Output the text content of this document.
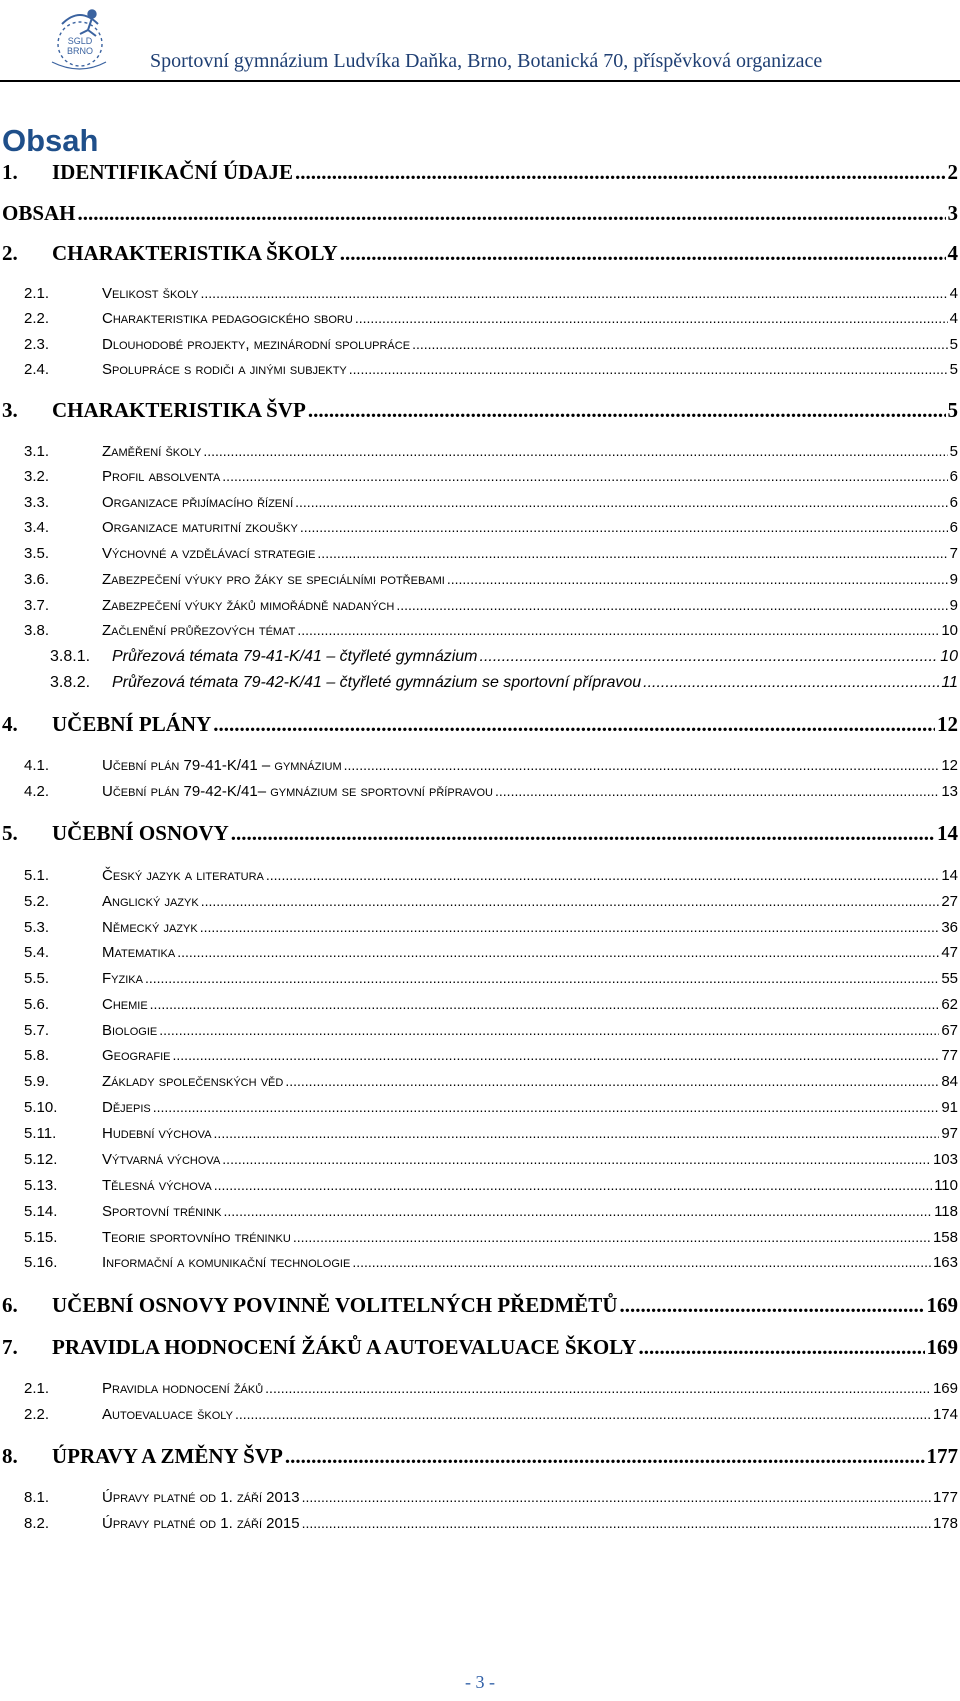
SGLD
BRNO	Sportovní gymnázium Ludvíka Daňka, Brno, Botanická 70, příspěvková organizace
Obsah
1.	IDENTIFIKAČNÍ ÚDAJE .....	2
OBSAH .....	3
2.	CHARAKTERISTIKA ŠKOLY .....	4
2.1.	Velikost školy .....	4
2.2.	Charakteristika pedagogického sboru .....	4
2.3.	Dlouhodobé projekty, mezinárodní spolupráce .....	5
2.4.	Spolupráce s rodiči a jinými subjekty .....	5
3.	CHARAKTERISTIKA ŠVP .....	5
3.1.	Zaměření školy .....	5
3.2.	Profil absolventa .....	6
3.3.	Organizace přijímacího řízení .....	6
3.4.	Organizace maturitní zkoušky .....	6
3.5.	Výchovné a vzdělávací strategie .....	7
3.6.	Zabezpečení výuky pro žáky se speciálními potřebami .....	9
3.7.	Zabezpečení výuky žáků mimořádně nadaných .....	9
3.8.	Začlenění průřezových témat .....	10
3.8.1.	Průřezová témata 79-41-K/41 – čtyřleté gymnázium .....	10
3.8.2.	Průřezová témata 79-42-K/41 – čtyřleté gymnázium se sportovní přípravou .....	11
4.	UČEBNÍ PLÁNY .....	12
4.1.	Učební plán 79-41-K/41 – gymnázium .....	12
4.2.	Učební plán 79-42-K/41– gymnázium se sportovní přípravou .....	13
5.	UČEBNÍ OSNOVY .....	14
5.1.	Český jazyk a literatura .....	14
5.2.	Anglický jazyk .....	27
5.3.	Německý jazyk .....	36
5.4.	Matematika .....	47
5.5.	Fyzika .....	55
5.6.	Chemie .....	62
5.7.	Biologie .....	67
5.8.	Geografie .....	77
5.9.	Základy společenských věd .....	84
5.10.	Dějepis .....	91
5.11.	Hudební výchova .....	97
5.12.	Výtvarná výchova .....	103
5.13.	Tělesná výchova .....	110
5.14.	Sportovní trénink .....	118
5.15.	Teorie sportovního tréninku .....	158
5.16.	Informační a komunikační technologie .....	163
6.	UČEBNÍ OSNOVY POVINNĚ VOLITELNÝCH PŘEDMĚTŮ .....	169
7.	PRAVIDLA HODNOCENÍ ŽÁKŮ A AUTOEVALUACE ŠKOLY .....	169
2.1.	Pravidla hodnocení žáků .....	169
2.2.	Autoevaluace školy .....	174
8.	ÚPRAVY A ZMĚNY ŠVP .....	177
8.1.	Úpravy platné od 1. září 2013 .....	177
8.2.	Úpravy platné od 1. září 2015 .....	178
- 3 -
